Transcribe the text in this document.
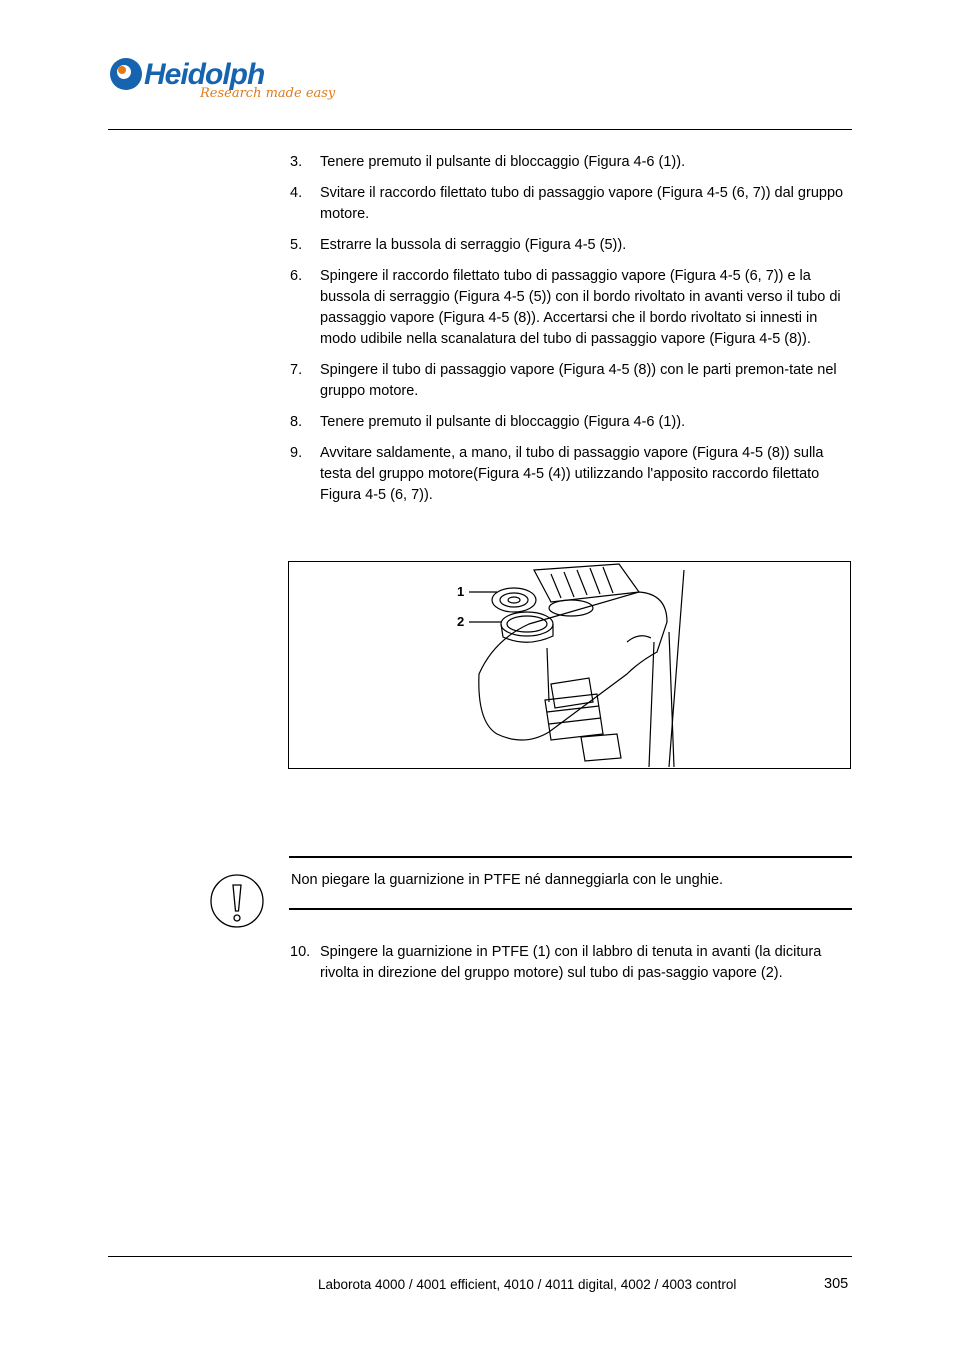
Heidolph
Research made easy
3. Tenere premuto il pulsante di bloccaggio (Figura 4-6 (1)).
4. Svitare il raccordo filettato tubo di passaggio vapore (Figura 4-5 (6, 7)) dal gruppo motore.
5. Estrarre la bussola di serraggio (Figura 4-5 (5)).
6. Spingere il raccordo filettato tubo di passaggio vapore (Figura 4-5 (6, 7)) e la bussola di serraggio (Figura 4-5 (5)) con il bordo rivoltato in avanti verso il tubo di passaggio vapore (Figura 4-5 (8)). Accertarsi che il bordo rivoltato si innesti in modo udibile nella scanalatura del tubo di passaggio vapore (Figura 4-5 (8)).
7. Spingere il tubo di passaggio vapore (Figura 4-5 (8)) con le parti premon-tate nel gruppo motore.
8. Tenere premuto il pulsante di bloccaggio (Figura 4-6 (1)).
9. Avvitare saldamente, a mano, il tubo di passaggio vapore (Figura 4-5 (8)) sulla testa del gruppo motore(Figura 4-5 (4)) utilizzando l'apposito raccordo filettato Figura 4-5 (6, 7)).
1
2
Non piegare la guarnizione in PTFE né danneggiarla con le unghie.
10. Spingere la guarnizione in PTFE (1) con il labbro di tenuta in avanti (la dicitura                    rivolta in direzione del gruppo motore) sul tubo di pas-saggio vapore (2).
Laborota 4000 / 4001 efficient, 4010 / 4011 digital, 4002 / 4003 control	305
